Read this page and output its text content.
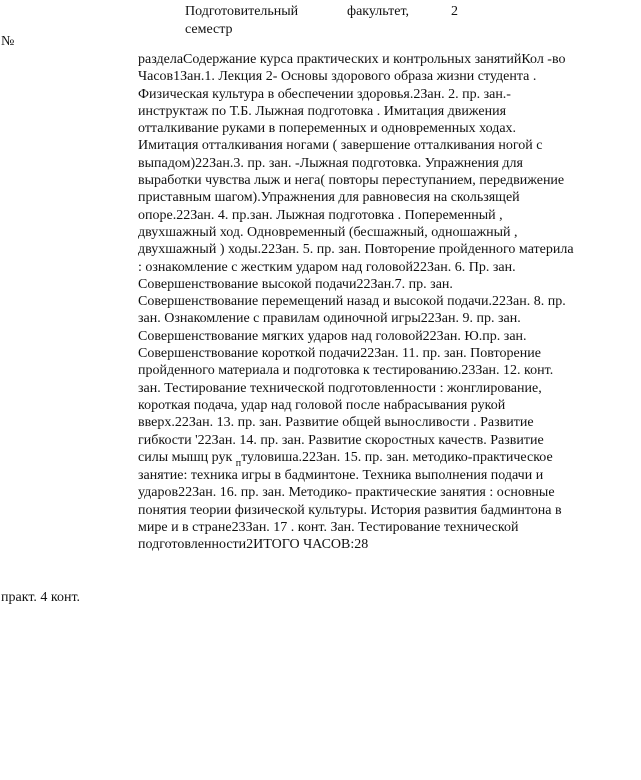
Подготовительный	факультет,	2
семестр
№
разделаСодержание курса практических и контрольных занятийКол -во
Часов1Зан.1. Лекция 2- Основы здорового образа жизни студента .
Физическая культура в обеспечении здоровья.2Зан. 2. пр. зан.-
инструктаж по Т.Б. Лыжная подготовка . Имитация движения
отталкивание руками в попеременных и одновременных ходах.
Имитация отталкивания ногами ( завершение отталкивания ногой с
выпадом)22Зан.3. пр. зан. -Лыжная подготовка. Упражнения для
выработки чувства лыж и нега( повторы переступанием, передвижение
приставным шагом).Упражнения для равновесия на скользящей
опоре.22Зан. 4. пр.зан. Лыжная подготовка . Попеременный ,
двухшажный ход. Одновременный (бесшажный, одношажный ,
двухшажный ) ходы.22Зан. 5. пр. зан. Повторение пройденного материла
: ознакомление с жестким ударом над головой22Зан. 6. Пр. зан.
Совершенствование высокой подачи22Зан.7. пр. зан.
Совершенствование перемещений назад и высокой подачи.22Зан. 8. пр.
зан. Ознакомление с правилам одиночной игры22Зан. 9. пр. зан.
Совершенствование мягких ударов над головой22Зан. Ю.пр. зан.
Совершенствование короткой подачи22Зан. 11. пр. зан. Повторение
пройденного материала и подготовка к тестированию.23Зан. 12. конт.
зан. Тестирование технической подготовленности : жонглирование,
короткая подача, удар над головой после набрасывания рукой
вверх.22Зан. 13. пр. зан. Развитие общей выносливости . Развитие
гибкости '22Зан. 14. пр. зан. Развитие скоростных качеств. Развитие
силы мышц рук $_п$туловиша.22Зан. 15. пр. зан. методико-практическое
занятие: техника игры в бадминтоне. Техника выполнения подачи и
ударов22Зан. 16. пр. зан. Методико- практические занятия : основные
понятия теории физической культуры. История развития бадминтона в
мире и в стране23Зан. 17 . конт. Зан. Тестирование технической
подготовленности2ИТОГО ЧАСОВ:28
практ. 4 конт.
